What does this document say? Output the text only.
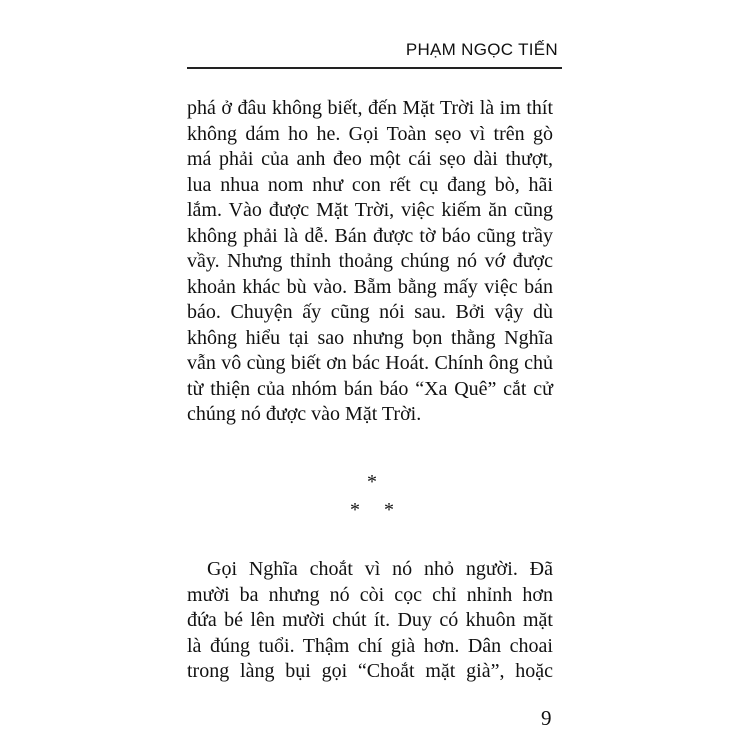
PHẠM NGỌC TIẾN
phá ở đâu không biết, đến Mặt Trời là im thít
không dám ho he. Gọi Toàn sẹo vì trên gò
má phải của anh đeo một cái sẹo dài thượt,
lua nhua nom như con rết cụ đang bò, hãi
lắm. Vào được Mặt Trời, việc kiếm ăn cũng
không phải là dễ. Bán được tờ báo cũng trầy
vầy. Nhưng thỉnh thoảng chúng nó vớ được
khoản khác bù vào. Bẵm bằng mấy việc bán
báo. Chuyện ấy cũng nói sau. Bởi vậy dù
không hiểu tại sao nhưng bọn thằng Nghĩa
vẫn vô cùng biết ơn bác Hoát. Chính ông chủ
từ thiện của nhóm bán báo “Xa Quê” cắt cử
chúng nó được vào Mặt Trời.
*
* *
 Gọi Nghĩa choắt vì nó nhỏ người. Đã
mười ba nhưng nó còi cọc chỉ nhỉnh hơn
đứa bé lên mười chút ít. Duy có khuôn mặt
là đúng tuổi. Thậm chí già hơn. Dân choai
trong làng bụi gọi “Choắt mặt già”, hoặc
9
